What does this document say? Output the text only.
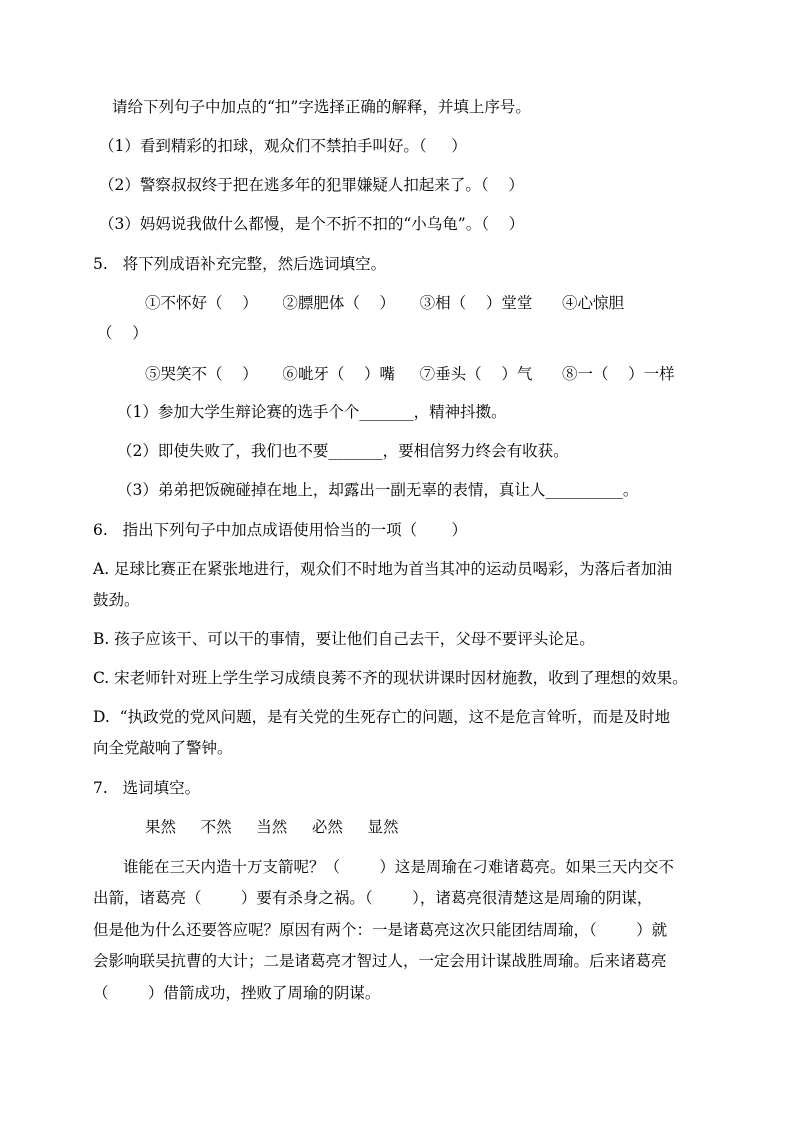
请给下列句子中加点的“扣”字选择正确的解释，并填上序号。
（1）看到精彩的扣球，观众们不禁拍手叫好。（     ）
（2）警察叔叔终于把在逃多年的犯罪嫌疑人扣起来了。（    ）
（3）妈妈说我做什么都慢，是个不折不扣的“小乌龟”。（    ）
5.   将下列成语补充完整，然后选词填空。
①不怀好（    ）     ②膘肥体（    ）     ③相（    ）堂堂      ④心惊胆
（    ）
⑤哭笑不（    ）     ⑥呲牙（    ）嘴     ⑦垂头（    ）气      ⑧一（    ）一样
（1）参加大学生辩论赛的选手个个_______，精神抖擞。
（2）即使失败了，我们也不要_______，要相信努力终会有收获。
（3）弟弟把饭碗碰掉在地上，却露出一副无辜的表情，真让人__________。
6.   指出下列句子中加点成语使用恰当的一项（       ）
A. 足球比赛正在紧张地进行，观众们不时地为首当其冲的运动员喝彩，为落后者加油
鼓劲。
B. 孩子应该干、可以干的事情，要让他们自己去干，父母不要评头论足。
C. 宋老师针对班上学生学习成绩良莠不齐的现状讲课时因材施教，收到了理想的效果。
D.  “执政党的党风问题，是有关党的生死存亡的问题，这不是危言耸听，而是及时地
向全党敲响了警钟。
7.   选词填空。
果然     不然     当然     必然     显然
谁能在三天内造十万支箭呢？（        ）这是周瑜在刁难诸葛亮。如果三天内交不
出箭，诸葛亮（        ）要有杀身之祸。（        ），诸葛亮很清楚这是周瑜的阴谋，
但是他为什么还要答应呢？原因有两个：一是诸葛亮这次只能团结周瑜，（        ）就
会影响联吴抗曹的大计；二是诸葛亮才智过人，一定会用计谋战胜周瑜。后来诸葛亮
（        ）借箭成功，挫败了周瑜的阴谋。
